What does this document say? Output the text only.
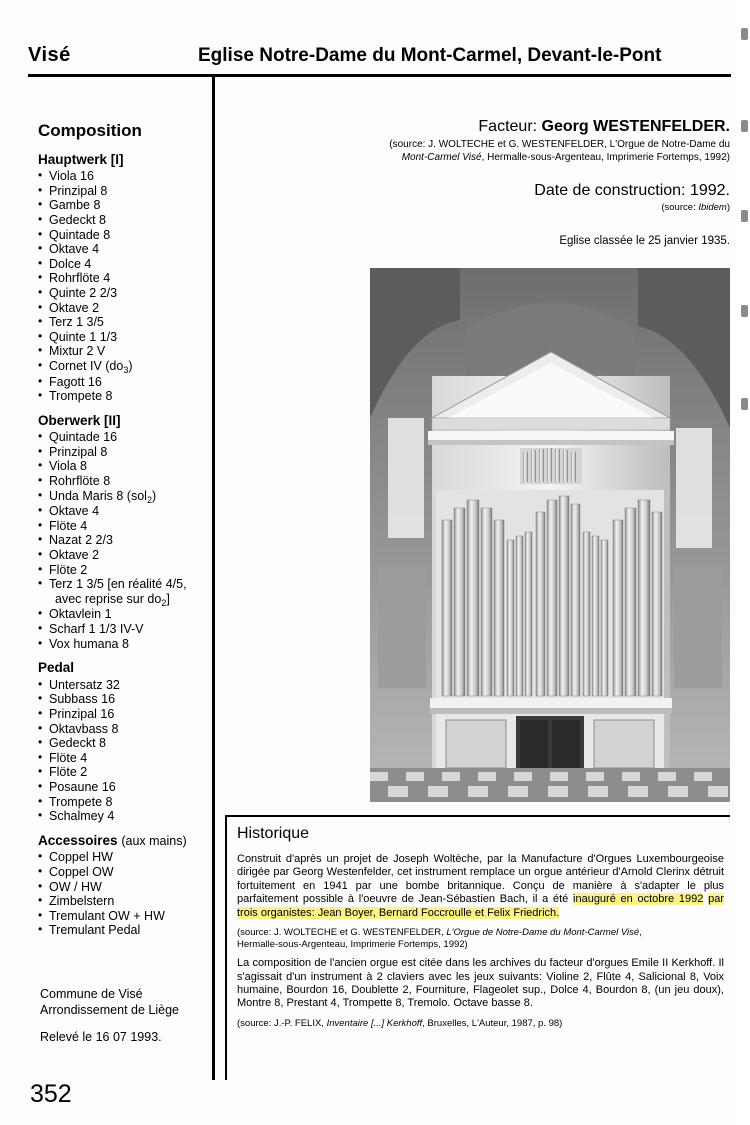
Visé	Eglise Notre-Dame du Mont-Carmel, Devant-le-Pont
Composition
Hauptwerk [I]
• Viola 16
• Prinzipal 8
• Gambe 8
• Gedeckt 8
• Quintade 8
• Oktave 4
• Dolce 4
• Rohrflöte 4
• Quinte 2 2/3
• Oktave 2
• Terz 1 3/5
• Quinte 1 1/3
• Mixtur 2 V
• Cornet IV $(do_3)$
• Fagott 16
• Trompete 8
Oberwerk [II]
• Quintade 16
• Prinzipal 8
• Viola 8
• Rohrflöte 8
• Unda Maris 8 (sol$_2$)
• Oktave 4
• Flöte 4
• Nazat 2 2/3
• Oktave 2
• Flöte 2
• Terz 1 3/5 [en réalité 4/5,
avec reprise sur $do_2$]
• Oktavlein 1
• Scharf 1 1/3 IV-V
• Vox humana 8
Pedal
• Untersatz 32
• Subbass 16
• Prinzipal 16
• Oktavbass 8
• Gedeckt 8
• Flöte 4
• Flöte 2
• Posaune 16
• Trompete 8
• Schalmey 4
Accessoires (aux mains)
• Coppel HW
• Coppel OW
• OW / HW
• Zimbelstern
• Tremulant OW + HW
• Tremulant Pedal
Commune de Visé
Arrondissement de Liège
Relevé le 16 07 1993.
352

Facteur: Georg WESTENFELDER.

(source: J. WOLTECHE et G. WESTENFELDER, L'Orgue de Notre-Dame du
Mont-Carmel Visé, Hermalle-sous-Argenteau, Imprimerie Fortemps, 1992)

Date de construction: 1992.

(source: Ibidem)

Eglise classée le 25 janvier 1935.

Historique

Construit d'après un projet de Joseph Woltèche, par la Manufacture d'Orgues Luxembourgeoise dirigée par Georg Westenfelder, cet instrument remplace un orgue antérieur d'Arnold Clerinx détruit fortuitement en 1941 par une bombe britannique. Conçu de manière à s'adapter le plus parfaitement possible à l'oeuvre de Jean-Sébastien Bach, il a été inauguré en octobre 1992 par trois organistes: Jean Boyer, Bernard Foccroulle et Felix Friedrich.

(source: J. WOLTECHE et G. WESTENFELDER, L'Orgue de Notre-Dame du Mont-Carmel Visé,
Hermalle-sous-Argenteau, Imprimerie Fortemps, 1992)

La composition de l'ancien orgue est citée dans les archives du facteur d'orgues Emile II Kerkhoff. Il s'agissait d'un instrument à 2 claviers avec les jeux suivants: Violine 2, Flûte 4, Salicional 8, Voix humaine, Bourdon 16, Doublette 2, Fourniture, Flageolet sup., Dolce 4, Bourdon 8, (un jeu doux), Montre 8, Prestant 4, Trompette 8, Tremolo. Octave basse 8.

(source: J.-P. FELIX, Inventaire [...] Kerkhoff, Bruxelles, L'Auteur, 1987, p. 98)
